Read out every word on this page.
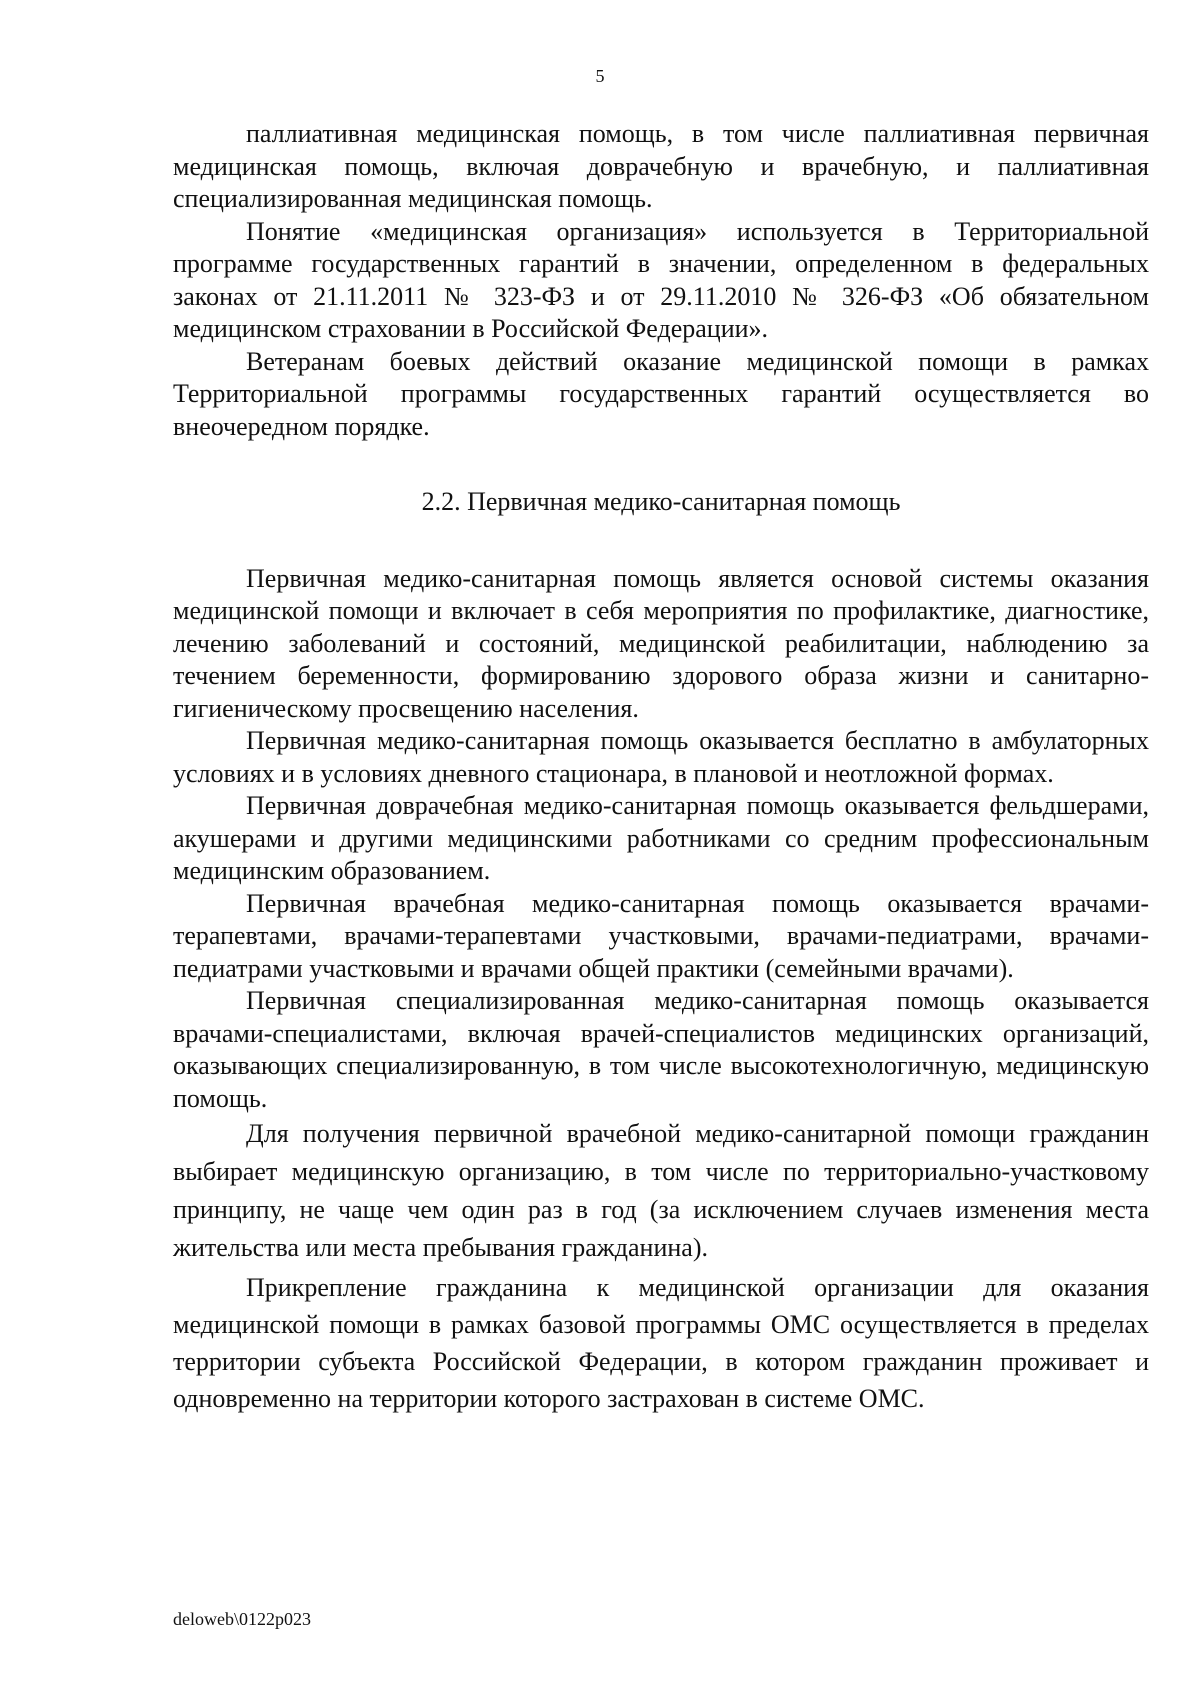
5

паллиативная медицинская помощь, в том числе паллиативная первичная медицинская помощь, включая доврачебную и врачебную, и паллиативная специализированная медицинская помощь.

Понятие «медицинская организация» используется в Территориальной программе государственных гарантий в значении, определенном в федеральных законах от 21.11.2011 № 323-ФЗ и от 29.11.2010 № 326-ФЗ «Об обязательном медицинском страховании в Российской Федерации».

Ветеранам боевых действий оказание медицинской помощи в рамках Территориальной программы государственных гарантий осуществляется во внеочередном порядке.

2.2. Первичная медико-санитарная помощь

Первичная медико-санитарная помощь является основой системы оказания медицинской помощи и включает в себя мероприятия по профилактике, диагностике, лечению заболеваний и состояний, медицинской реабилитации, наблюдению за течением беременности, формированию здорового образа жизни и санитарно-гигиеническому просвещению населения.

Первичная медико-санитарная помощь оказывается бесплатно в амбулаторных условиях и в условиях дневного стационара, в плановой и неотложной формах.

Первичная доврачебная медико-санитарная помощь оказывается фельдшерами, акушерами и другими медицинскими работниками со средним профессиональным медицинским образованием.

Первичная врачебная медико-санитарная помощь оказывается врачами-терапевтами, врачами-терапевтами участковыми, врачами-педиатрами, врачами-педиатрами участковыми и врачами общей практики (семейными врачами).

Первичная специализированная медико-санитарная помощь оказывается врачами-специалистами, включая врачей-специалистов медицинских организаций, оказывающих специализированную, в том числе высокотехнологичную, медицинскую помощь.

Для получения первичной врачебной медико-санитарной помощи гражданин выбирает медицинскую организацию, в том числе по территориально-участковому принципу, не чаще чем один раз в год (за исключением случаев изменения места жительства или места пребывания гражданина).

Прикрепление гражданина к медицинской организации для оказания медицинской помощи в рамках базовой программы ОМС осуществляется в пределах территории субъекта Российской Федерации, в котором гражданин проживает и одновременно на территории которого застрахован в системе ОМС.

deloweb\0122p023
